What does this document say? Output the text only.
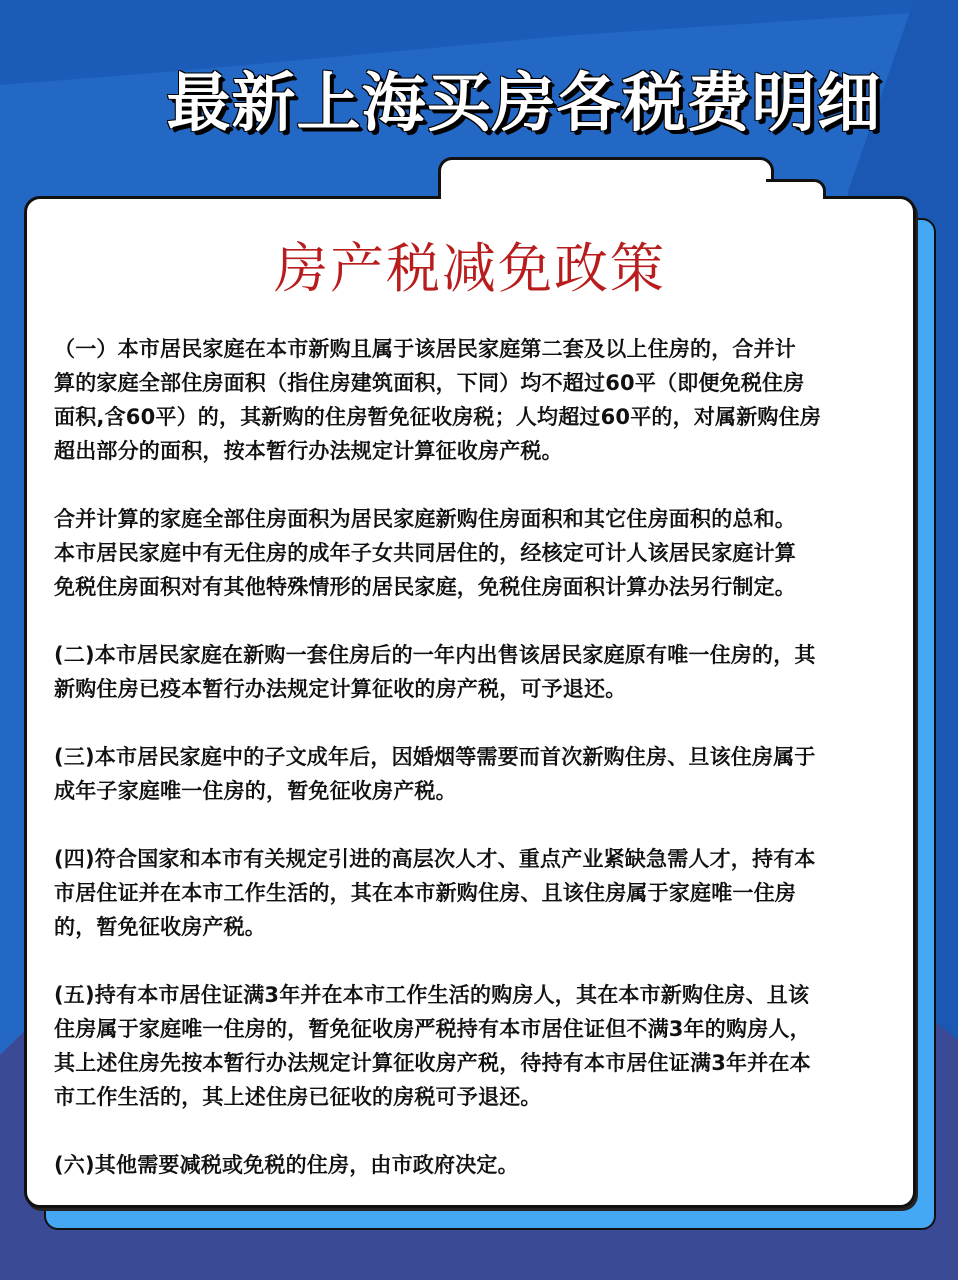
最新上海买房各税费明细
房产税减免政策
（一）本市居民家庭在本市新购且属于该居民家庭第二套及以上住房的，合并计
算的家庭全部住房面积（指住房建筑面积，下同）均不超过60平（即便免税住房
面积,含60平）的，其新购的住房暂免征收房税；人均超过60平的，对属新购住房
超出部分的面积，按本暂行办法规定计算征收房产税。
合并计算的家庭全部住房面积为居民家庭新购住房面积和其它住房面积的总和。
本市居民家庭中有无住房的成年子女共同居住的，经核定可计人该居民家庭计算
免税住房面积对有其他特殊情形的居民家庭，免税住房面积计算办法另行制定。
(二)本市居民家庭在新购一套住房后的一年内出售该居民家庭原有唯一住房的，其
新购住房已疫本暂行办法规定计算征收的房产税，可予退还。
(三)本市居民家庭中的子文成年后，因婚烟等需要而首次新购住房、旦该住房属于
成年子家庭唯一住房的，暂免征收房产税。
(四)符合国家和本市有关规定引进的高层次人才、重点产业紧缺急需人才，持有本
市居住证并在本市工作生活的，其在本市新购住房、且该住房属于家庭唯一住房
的，暂免征收房产税。
(五)持有本市居住证满3年并在本市工作生活的购房人，其在本市新购住房、且该
住房属于家庭唯一住房的，暂免征收房严税持有本市居住证但不满3年的购房人，
其上述住房先按本暂行办法规定计算征收房产税，待持有本市居住证满3年并在本
市工作生活的，其上述住房已征收的房税可予退还。
(六)其他需要减税或免税的住房，由市政府决定。
